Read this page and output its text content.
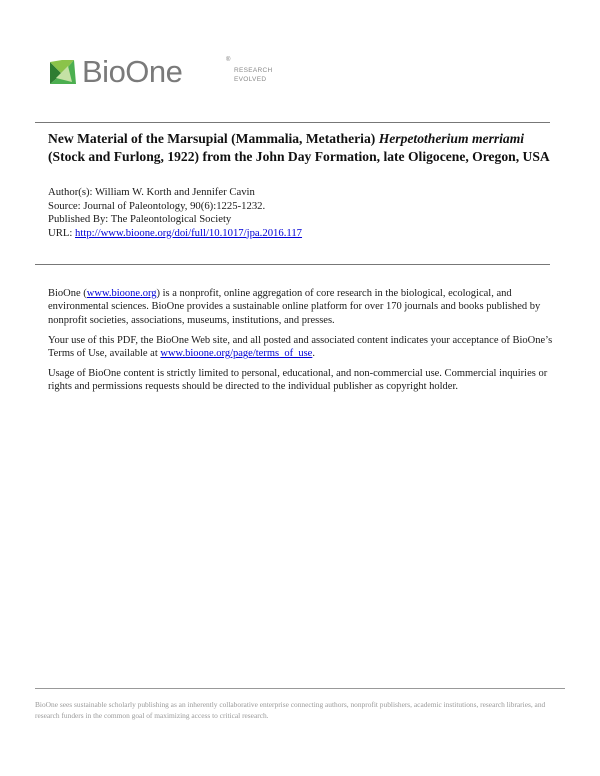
BioOne	®
RESEARCH
EVOLVED
New Material of the Marsupial (Mammalia, Metatheria) Herpetotherium merriami (Stock and Furlong, 1922) from the John Day Formation, late Oligocene, Oregon, USA
Author(s): William W. Korth and Jennifer Cavin
Source: Journal of Paleontology, 90(6):1225-1232.
Published By: The Paleontological Society
URL: http://www.bioone.org/doi/full/10.1017/jpa.2016.117

BioOne (www.bioone.org) is a nonprofit, online aggregation of core research in the biological, ecological, and environmental sciences. BioOne provides a sustainable online platform for over 170 journals and books published by nonprofit societies, associations, museums, institutions, and presses.

Your use of this PDF, the BioOne Web site, and all posted and associated content indicates your acceptance of BioOne’s Terms of Use, available at www.bioone.org/page/terms_of_use.

Usage of BioOne content is strictly limited to personal, educational, and non-commercial use. Commercial inquiries or rights and permissions requests should be directed to the individual publisher as copyright holder.

BioOne sees sustainable scholarly publishing as an inherently collaborative enterprise connecting authors, nonprofit publishers, academic institutions, research libraries, and research funders in the common goal of maximizing access to critical research.
